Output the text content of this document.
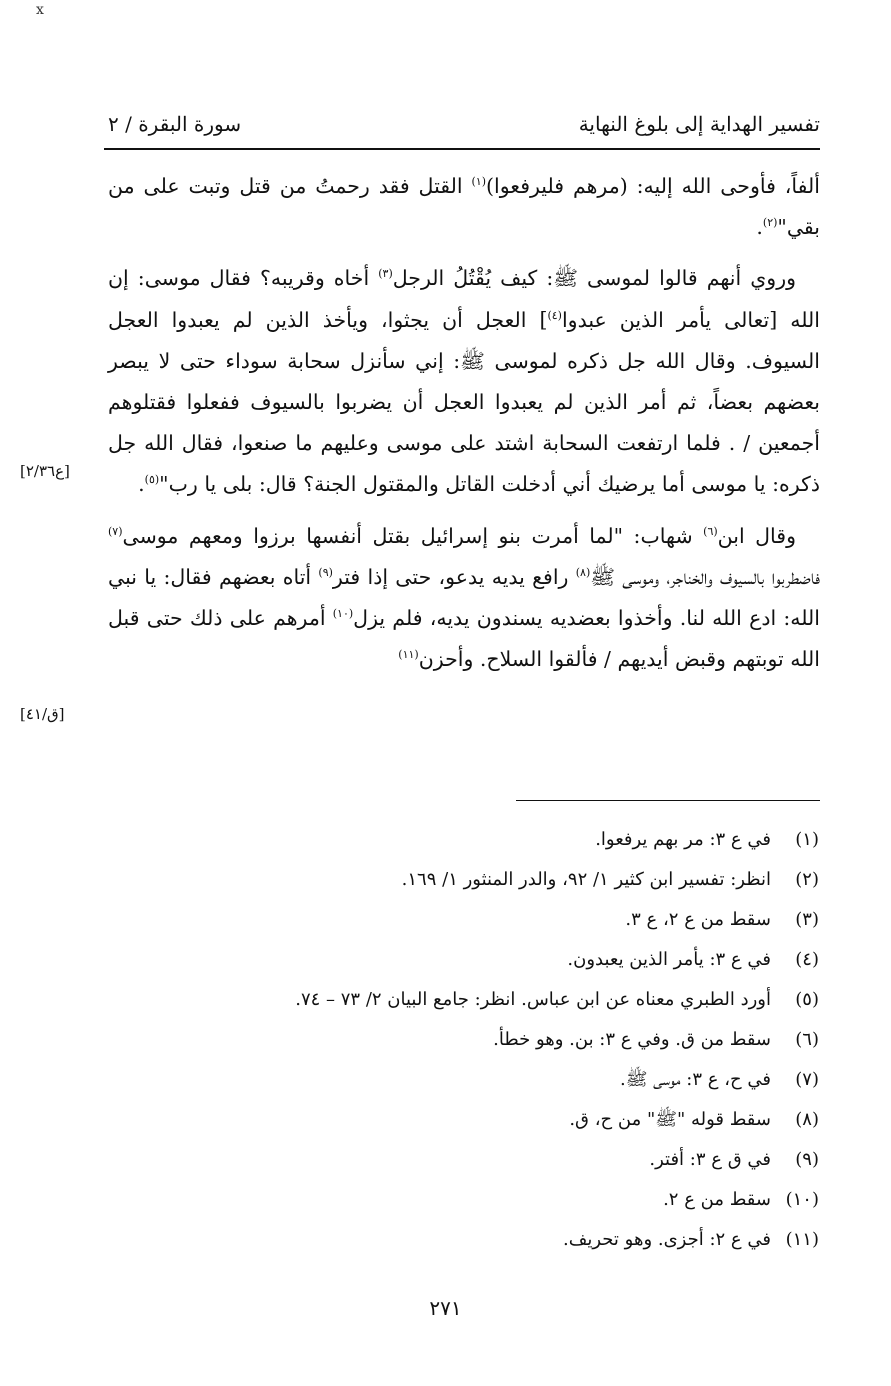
x
تفسير الهداية إلى بلوغ النهاية
سورة البقرة / ٢

ألفاً، فأوحى الله إليه: (مرهم فليرفعوا)$^{(١)}$ القتل فقد رحمتُ من قتل وتبت على من بقي"$^{(٢)}$.

وروي أنهم قالوا لموسى ﷺ: كيف يُقْتُلُ الرجل$^{(٣)}$ أخاه وقريبه؟ فقال موسى: إن الله [تعالى يأمر الذين عبدوا$^{(٤)}$] العجل أن يجثوا، ويأخذ الذين لم يعبدوا العجل السيوف. وقال الله جل ذكره لموسى ﷺ: إني سأنزل سحابة سوداء حتى لا يبصر بعضهم بعضاً، ثم أمر الذين لم يعبدوا العجل أن يضربوا بالسيوف ففعلوا فقتلوهم أجمعين / . فلما ارتفعت السحابة اشتد على موسى وعليهم ما صنعوا، فقال الله جل ذكره: يا موسى أما يرضيك أني أدخلت القاتل والمقتول الجنة؟ قال: بلى يا رب"$^{(٥)}$.

وقال ابن$^{(٦)}$ شهاب: "لما أمرت بنو إسرائيل بقتل أنفسها برزوا ومعهم موسى$^{(٧)}$ فاضطربوا بالسيوف والخناجر، وموسى ﷺ$^{(٨)}$ رافع يديه يدعو، حتى إذا فتر$^{(٩)}$ أتاه بعضهم فقال: يا نبي الله: ادع الله لنا. وأخذوا بعضديه يسندون يديه، فلم يزل$^{(١٠)}$ أمرهم على ذلك حتى قبل الله توبتهم وقبض أيديهم / فألقوا السلاح. وأحزن$^{(١١)}$

[ع٢/٣٦]
[ق/٤١]
(١)في ع ٣: مر بهم يرفعوا.
(٢)انظر: تفسير ابن كثير ١/ ٩٢، والدر المنثور ١/ ١٦٩.
(٣)سقط من ع ٢، ع ٣.
(٤)في ع ٣: يأمر الذين يعبدون.
(٥)أورد الطبري معناه عن ابن عباس. انظر: جامع البيان ٢/ ٧٣ – ٧٤.
(٦)سقط من ق. وفي ع ٣: بن. وهو خطأ.
(٧)في ح، ع ٣: موسى ﷺ.
(٨)سقط قوله "ﷺ" من ح، ق.
(٩)في ق ع ٣: أفتر.
(١٠)سقط من ع ٢.
(١١)في ع ٢: أجزى. وهو تحريف.
٢٧١
